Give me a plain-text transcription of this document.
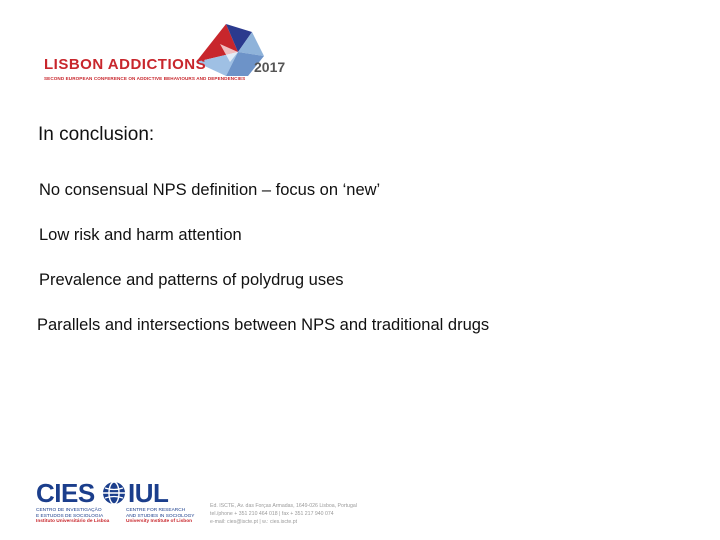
LISBON ADDICTIONS	2017
SECOND EUROPEAN CONFERENCE ON ADDICTIVE BEHAVIOURS AND DEPENDENCIES
In conclusion:
No consensual NPS definition – focus on ‘new’
Low risk and harm attention
Prevalence and patterns of polydrug uses
Parallels and intersections between NPS and traditional drugs
CIES IUL
CENTRO DE INVESTIGAÇÃO
E ESTUDOS DE SOCIOLOGIA
Instituto Universitário de Lisboa
CENTRE FOR RESEARCH
AND STUDIES IN SOCIOLOGY
University Institute of Lisbon
Ed. ISCTE, Av. das Forças Armadas, 1649-026 Lisboa, Portugal
tel./phone + 351 210 464 018 | fax + 351 217 940 074
e-mail: cies@iscte.pt | w.: cies.iscte.pt
